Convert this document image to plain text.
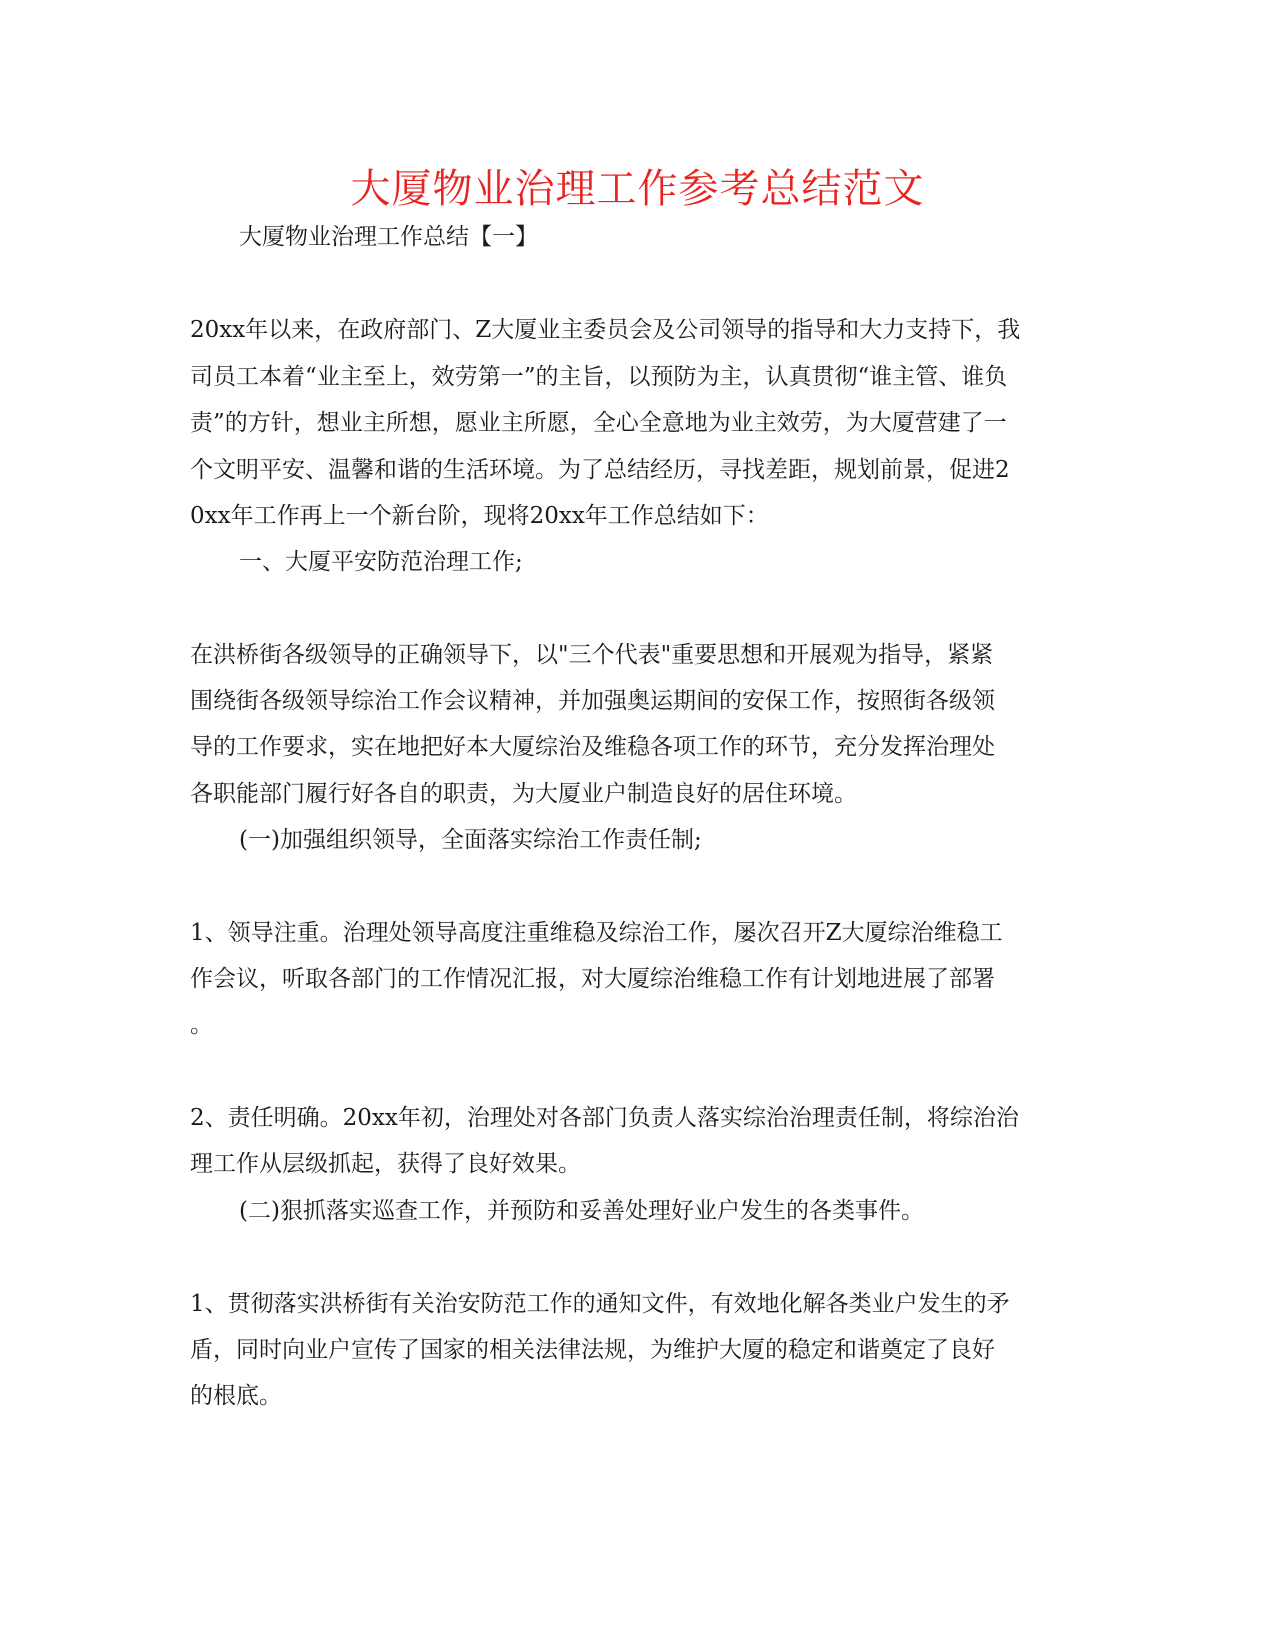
大厦物业治理工作参考总结范文
大厦物业治理工作总结【一】
20xx年以来，在政府部门、Z大厦业主委员会及公司领导的指导和大力支持下，我
司员工本着“业主至上，效劳第一”的主旨，以预防为主，认真贯彻“谁主管、谁负
责”的方针，想业主所想，愿业主所愿，全心全意地为业主效劳，为大厦营建了一
个文明平安、温馨和谐的生活环境。为了总结经历，寻找差距，规划前景，促进2
0xx年工作再上一个新台阶，现将20xx年工作总结如下：
一、大厦平安防范治理工作;
在洪桥街各级领导的正确领导下，以"三个代表"重要思想和开展观为指导，紧紧
围绕街各级领导综治工作会议精神，并加强奥运期间的安保工作，按照街各级领
导的工作要求，实在地把好本大厦综治及维稳各项工作的环节，充分发挥治理处
各职能部门履行好各自的职责，为大厦业户制造良好的居住环境。
(一)加强组织领导，全面落实综治工作责任制;
1、领导注重。治理处领导高度注重维稳及综治工作，屡次召开Z大厦综治维稳工
作会议，听取各部门的工作情况汇报，对大厦综治维稳工作有计划地进展了部署
。
2、责任明确。20xx年初，治理处对各部门负责人落实综治治理责任制，将综治治
理工作从层级抓起，获得了良好效果。
(二)狠抓落实巡查工作，并预防和妥善处理好业户发生的各类事件。
1、贯彻落实洪桥街有关治安防范工作的通知文件，有效地化解各类业户发生的矛
盾，同时向业户宣传了国家的相关法律法规，为维护大厦的稳定和谐奠定了良好
的根底。
